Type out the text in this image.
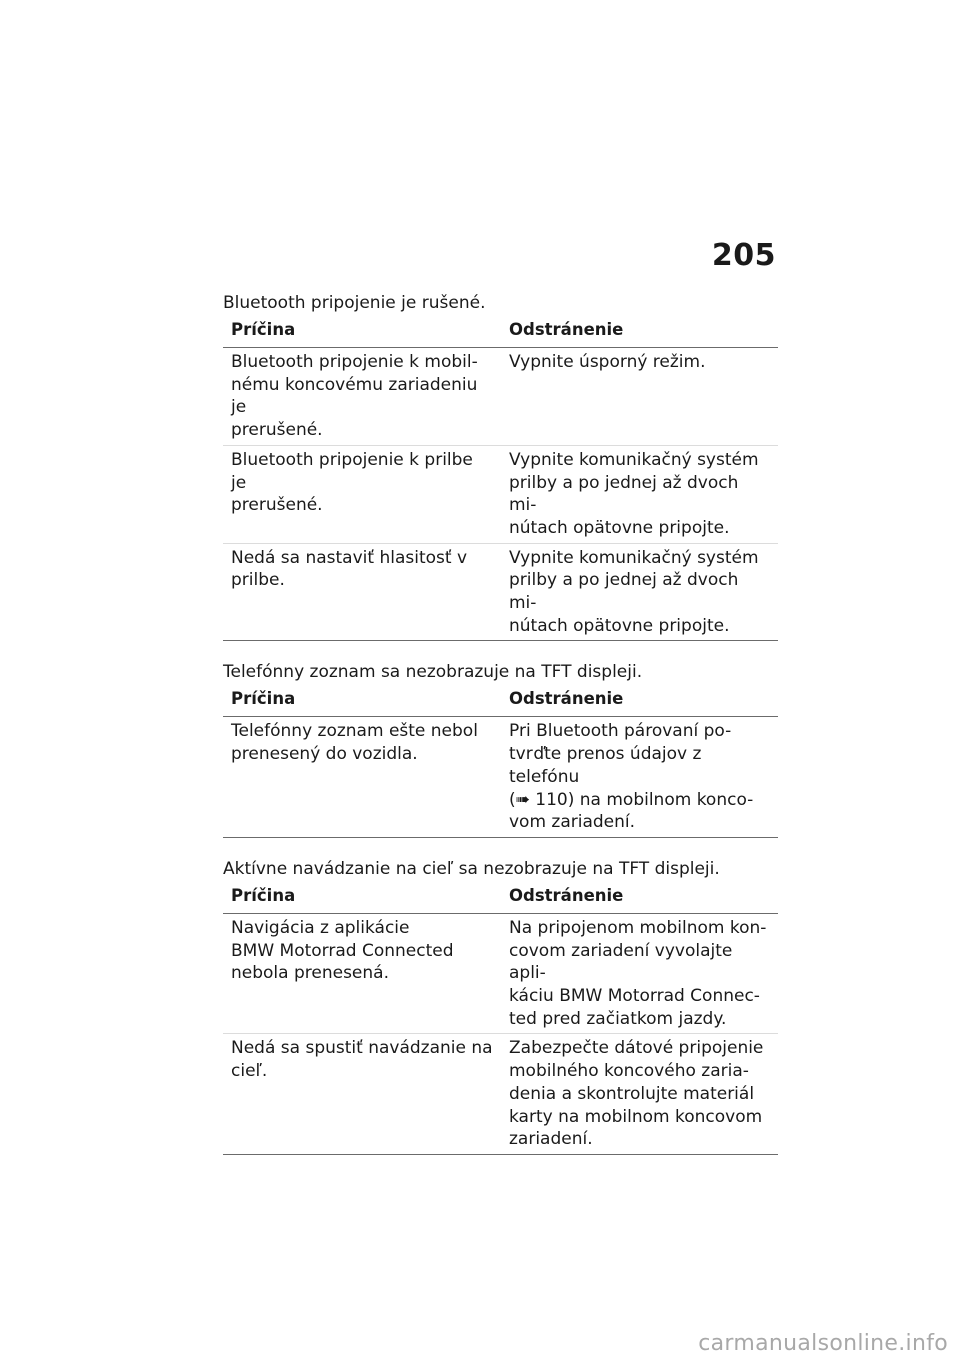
205
Bluetooth pripojenie je rušené.
Príčina	Odstránenie
Bluetooth pripojenie k mobil-
nému koncovému zariadeniu je
prerušené.	Vypnite úsporný režim.
Bluetooth pripojenie k prilbe je
prerušené.	Vypnite komunikačný systém
prilby a po jednej až dvoch mi-
nútach opätovne pripojte.
Nedá sa nastaviť hlasitosť v
prilbe.	Vypnite komunikačný systém
prilby a po jednej až dvoch mi-
nútach opätovne pripojte.
Telefónny zoznam sa nezobrazuje na TFT displeji.
Príčina	Odstránenie
Telefónny zoznam ešte nebol
prenesený do vozidla.	Pri Bluetooth párovaní po-
tvrďte prenos údajov z telefónu
(➠ 110) na mobilnom konco-
vom zariadení.
Aktívne navádzanie na cieľ sa nezobrazuje na TFT displeji.
Príčina	Odstránenie
Navigácia z aplikácie
BMW Motorrad Connected
nebola prenesená.	Na pripojenom mobilnom kon-
covom zariadení vyvolajte apli-
káciu BMW Motorrad Connec-
ted pred začiatkom jazdy.
Nedá sa spustiť navádzanie na
cieľ.	Zabezpečte dátové pripojenie
mobilného koncového zaria-
denia a skontrolujte materiál
karty na mobilnom koncovom
zariadení.
carmanualsonline.info
